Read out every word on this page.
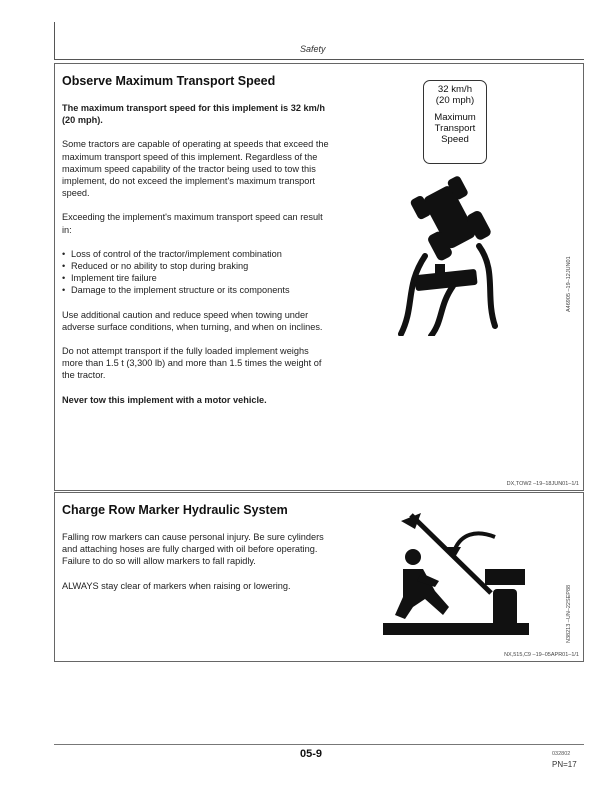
Safety
Observe Maximum Transport Speed

The maximum transport speed for this implement is 32 km/h (20 mph).

Some tractors are capable of operating at speeds that exceed the maximum transport speed of this implement. Regardless of the maximum speed capability of the tractor being used to tow this implement, do not exceed the implement's maximum transport speed.

Exceeding the implement's maximum transport speed can result in:

• Loss of control of the tractor/implement combination
• Reduced or no ability to stop during braking
• Implement tire failure
• Damage to the implement structure or its components

Use additional caution and reduce speed when towing under adverse surface conditions, when turning, and when on inclines.

Do not attempt transport if the fully loaded implement weighs more than 1.5 t (3,300 lb) and more than 1.5 times the weight of the tractor.

Never tow this implement with a motor vehicle.

32 km/h
(20 mph)
Maximum
Transport
Speed
A46905 –19–12JUN01
DX,TOW2 –19–18JUN01–1/1
Charge Row Marker Hydraulic System

Falling row markers can cause personal injury. Be sure cylinders and attaching hoses are fully charged with oil before operating. Failure to do so will allow markers to fall rapidly.

ALWAYS stay clear of markers when raising or lowering.	N38213 –UN–22SEP88
NX,515,C9 –19–05APR01–1/1
05-9	032802
PN=17
